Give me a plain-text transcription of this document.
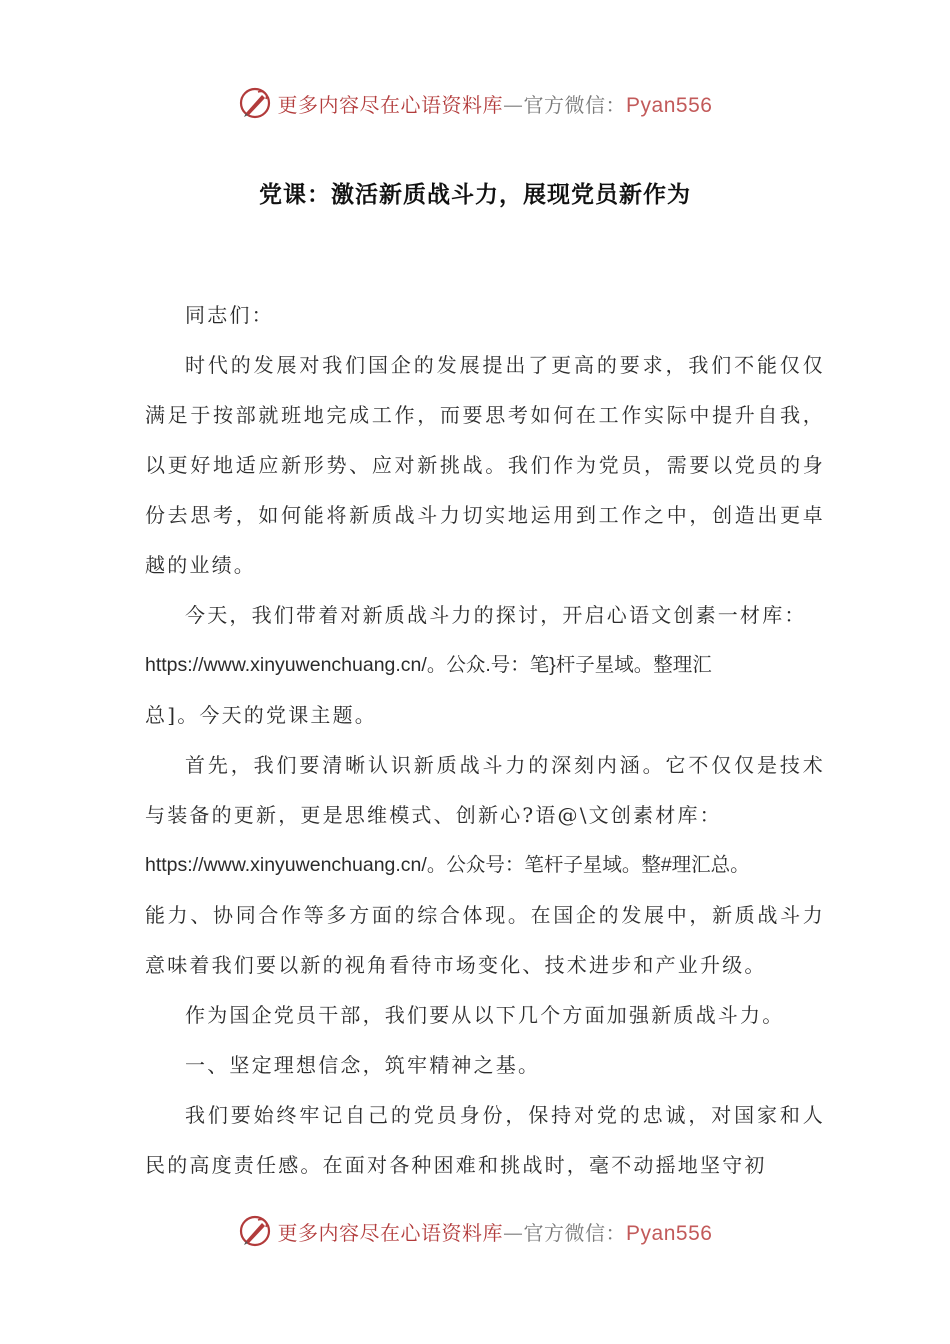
更多内容尽在心语资料库—官方微信：Pyan556
党课：激活新质战斗力，展现党员新作为

同志们：

时代的发展对我们国企的发展提出了更高的要求，我们不能仅仅满足于按部就班地完成工作，而要思考如何在工作实际中提升自我，以更好地适应新形势、应对新挑战。我们作为党员，需要以党员的身份去思考，如何能将新质战斗力切实地运用到工作之中，创造出更卓越的业绩。

今天，我们带着对新质战斗力的探讨，开启心语文创素一材库：

https://www.xinyuwenchuang.cn/。公众.号：笔}杆子星域。整理汇

总]。今天的党课主题。

首先，我们要清晰认识新质战斗力的深刻内涵。它不仅仅是技术与装备的更新，更是思维模式、创新心?语@\文创素材库：

https://www.xinyuwenchuang.cn/。公众号：笔杆子星域。整#理汇总。

能力、协同合作等多方面的综合体现。在国企的发展中，新质战斗力意味着我们要以新的视角看待市场变化、技术进步和产业升级。

作为国企党员干部，我们要从以下几个方面加强新质战斗力。

一、坚定理想信念，筑牢精神之基。

我们要始终牢记自己的党员身份，保持对党的忠诚，对国家和人民的高度责任感。在面对各种困难和挑战时，毫不动摇地坚守初

更多内容尽在心语资料库—官方微信：Pyan556
